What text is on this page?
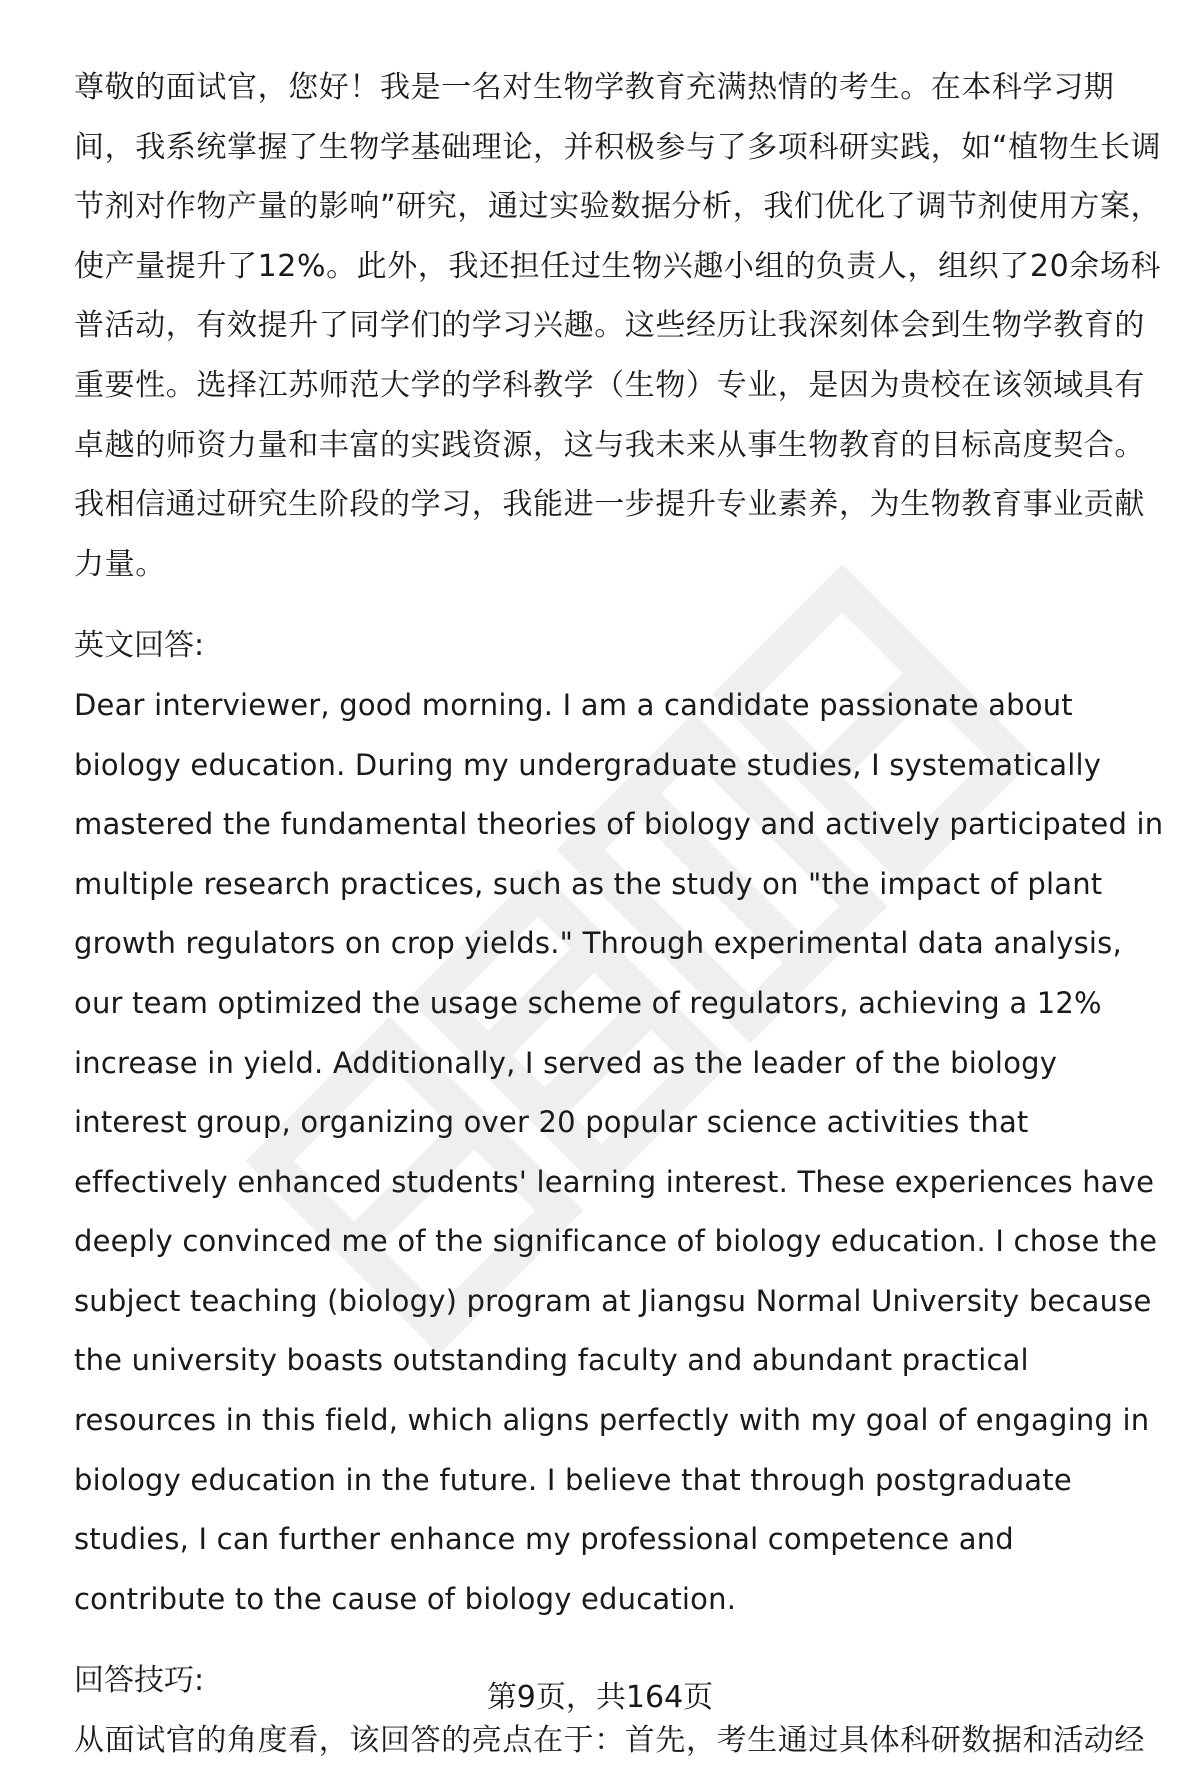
尊敬的面试官，您好！我是一名对生物学教育充满热情的考生。在本科学习期间，我系统掌握了生物学基础理论，并积极参与了多项科研实践，如“植物生长调节剂对作物产量的影响”研究，通过实验数据分析，我们优化了调节剂使用方案，使产量提升了12%。此外，我还担任过生物兴趣小组的负责人，组织了20余场科普活动，有效提升了同学们的学习兴趣。这些经历让我深刻体会到生物学教育的重要性。选择江苏师范大学的学科教学（生物）专业，是因为贵校在该领域具有卓越的师资力量和丰富的实践资源，这与我未来从事生物教育的目标高度契合。我相信通过研究生阶段的学习，我能进一步提升专业素养，为生物教育事业贡献力量。

英文回答:

Dear interviewer, good morning. I am a candidate passionate about biology education. During my undergraduate studies, I systematically mastered the fundamental theories of biology and actively participated in multiple research practices, such as the study on "the impact of plant growth regulators on crop yields." Through experimental data analysis, our team optimized the usage scheme of regulators, achieving a 12% increase in yield. Additionally, I served as the leader of the biology interest group, organizing over 20 popular science activities that effectively enhanced students' learning interest. These experiences have deeply convinced me of the significance of biology education. I chose the subject teaching (biology) program at Jiangsu Normal University because the university boasts outstanding faculty and abundant practical resources in this field, which aligns perfectly with my goal of engaging in biology education in the future. I believe that through postgraduate studies, I can further enhance my professional competence and contribute to the cause of biology education.

回答技巧:

从面试官的角度看，该回答的亮点在于：首先，考生通过具体科研数据和活动经

第9页，共164页
